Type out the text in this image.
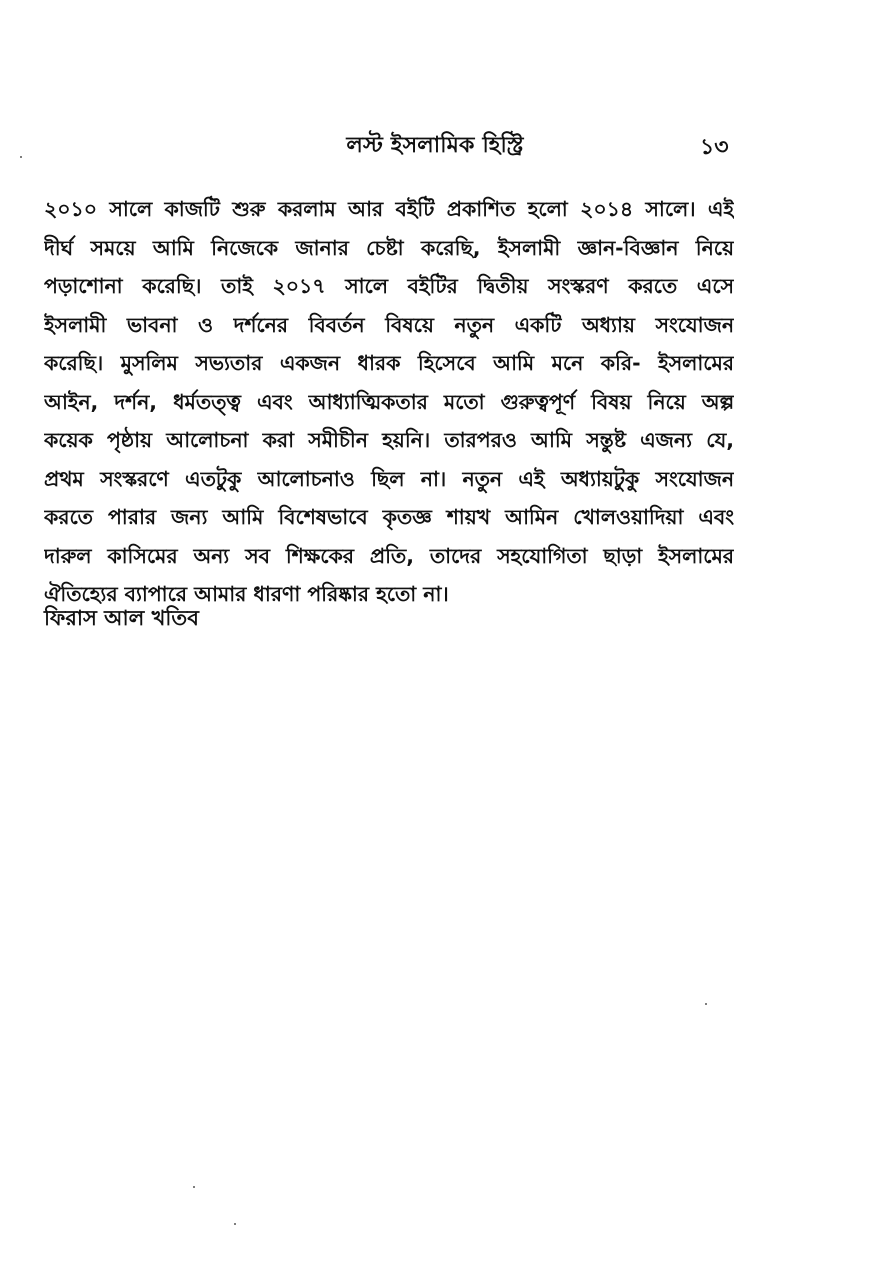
লস্ট ইসলামিক হিস্ট্রি	১৩
২০১০ সালে কাজটি শুরু করলাম আর বইটি প্রকাশিত হলো ২০১৪ সালে। এই
দীর্ঘ সময়ে আমি নিজেকে জানার চেষ্টা করেছি, ইসলামী জ্ঞান-বিজ্ঞান নিয়ে
পড়াশোনা করেছি। তাই ২০১৭ সালে বইটির দ্বিতীয় সংস্করণ করতে এসে
ইসলামী ভাবনা ও দর্শনের বিবর্তন বিষয়ে নতুন একটি অধ্যায় সংযোজন
করেছি। মুসলিম সভ্যতার একজন ধারক হিসেবে আমি মনে করি- ইসলামের
আইন, দর্শন, ধর্মতত্ত্ব এবং আধ্যাত্মিকতার মতো গুরুত্বপূর্ণ বিষয় নিয়ে অল্প
কয়েক পৃষ্ঠায় আলোচনা করা সমীচীন হয়নি। তারপরও আমি সন্তুষ্ট এজন্য যে,
প্রথম সংস্করণে এতটুকু আলোচনাও ছিল না। নতুন এই অধ্যায়টুকু সংযোজন
করতে পারার জন্য আমি বিশেষভাবে কৃতজ্ঞ শায়খ আমিন খোলওয়াদিয়া এবং
দারুল কাসিমের অন্য সব শিক্ষকের প্রতি, তাদের সহযোগিতা ছাড়া ইসলামের
ঐতিহ্যের ব্যাপারে আমার ধারণা পরিষ্কার হতো না।
ফিরাস আল খতিব
